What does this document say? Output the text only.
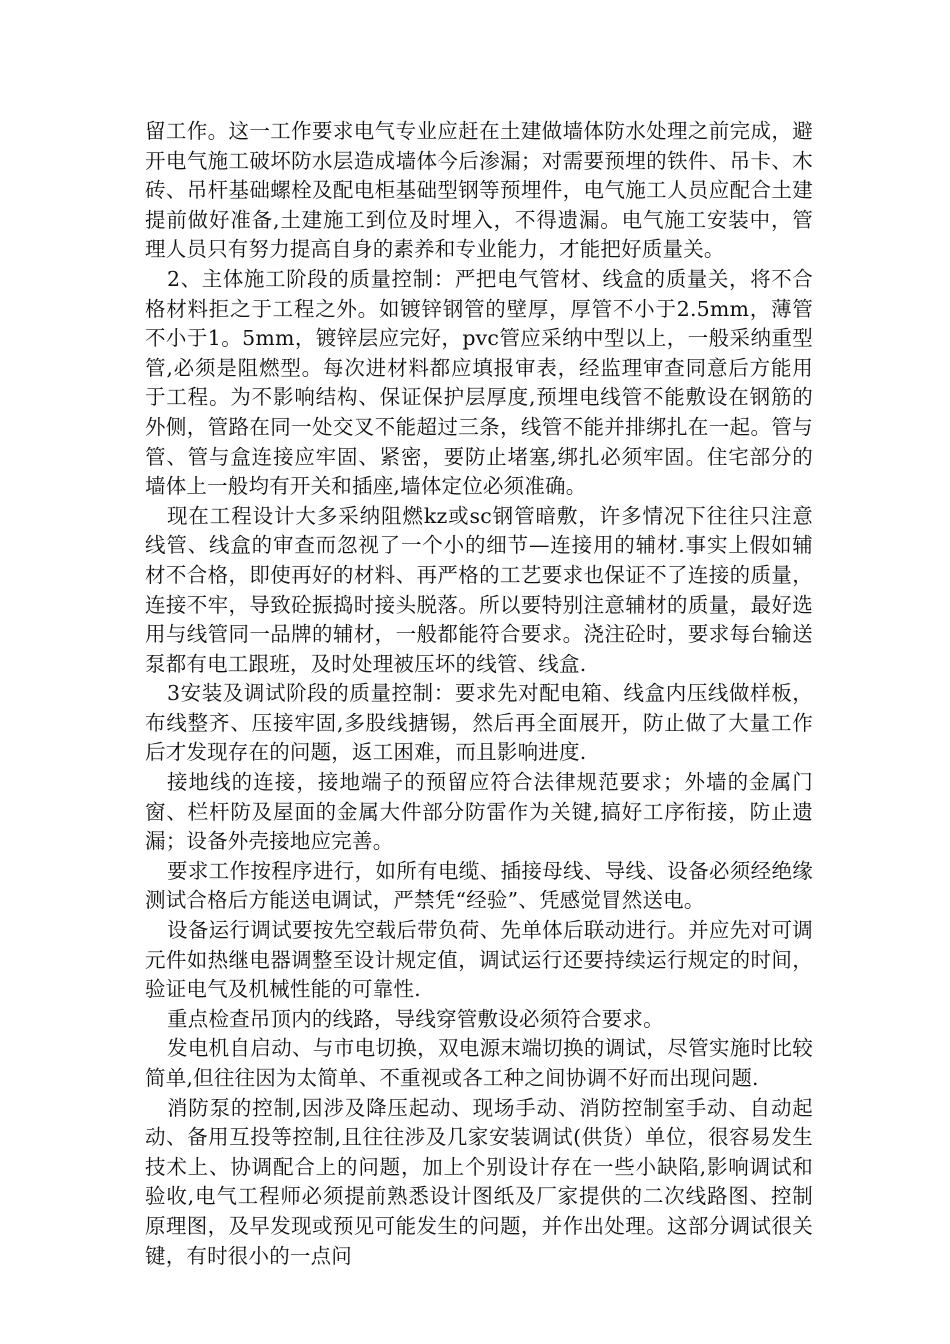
留工作。这一工作要求电气专业应赶在土建做墙体防水处理之前完成，避开电气施工破坏防水层造成墙体今后渗漏；对需要预埋的铁件、吊卡、木砖、吊杆基础螺栓及配电柜基础型钢等预埋件，电气施工人员应配合土建提前做好准备,土建施工到位及时埋入，不得遗漏。电气施工安装中，管理人员只有努力提高自身的素养和专业能力，才能把好质量关。

2、主体施工阶段的质量控制：严把电气管材、线盒的质量关，将不合格材料拒之于工程之外。如镀锌钢管的壁厚，厚管不小于2.5mm，薄管不小于1。5mm，镀锌层应完好，pvc管应采纳中型以上，一般采纳重型管,必须是阻燃型。每次进材料都应填报审表，经监理审查同意后方能用于工程。为不影响结构、保证保护层厚度,预埋电线管不能敷设在钢筋的外侧，管路在同一处交叉不能超过三条，线管不能并排绑扎在一起。管与管、管与盒连接应牢固、紧密，要防止堵塞,绑扎必须牢固。住宅部分的墙体上一般均有开关和插座,墙体定位必须准确。

现在工程设计大多采纳阻燃kz或sc钢管暗敷，许多情况下往往只注意线管、线盒的审查而忽视了一个小的细节—连接用的辅材.事实上假如辅材不合格，即使再好的材料、再严格的工艺要求也保证不了连接的质量，连接不牢，导致砼振捣时接头脱落。所以要特别注意辅材的质量，最好选用与线管同一品牌的辅材，一般都能符合要求。浇注砼时，要求每台输送泵都有电工跟班，及时处理被压坏的线管、线盒.

3安装及调试阶段的质量控制：要求先对配电箱、线盒内压线做样板，布线整齐、压接牢固,多股线搪锡，然后再全面展开，防止做了大量工作后才发现存在的问题，返工困难，而且影响进度.

接地线的连接，接地端子的预留应符合法律规范要求；外墙的金属门窗、栏杆防及屋面的金属大件部分防雷作为关键,搞好工序衔接，防止遗漏；设备外壳接地应完善。

要求工作按程序进行，如所有电缆、插接母线、导线、设备必须经绝缘测试合格后方能送电调试，严禁凭“经验”、凭感觉冒然送电。

设备运行调试要按先空载后带负荷、先单体后联动进行。并应先对可调元件如热继电器调整至设计规定值，调试运行还要持续运行规定的时间，验证电气及机械性能的可靠性.

重点检查吊顶内的线路，导线穿管敷设必须符合要求。

发电机自启动、与市电切换，双电源末端切换的调试，尽管实施时比较简单,但往往因为太简单、不重视或各工种之间协调不好而出现问题.

消防泵的控制,因涉及降压起动、现场手动、消防控制室手动、自动起动、备用互投等控制,且往往涉及几家安装调试(供货）单位，很容易发生技术上、协调配合上的问题，加上个别设计存在一些小缺陷,影响调试和验收,电气工程师必须提前熟悉设计图纸及厂家提供的二次线路图、控制原理图，及早发现或预见可能发生的问题，并作出处理。这部分调试很关键，有时很小的一点问
